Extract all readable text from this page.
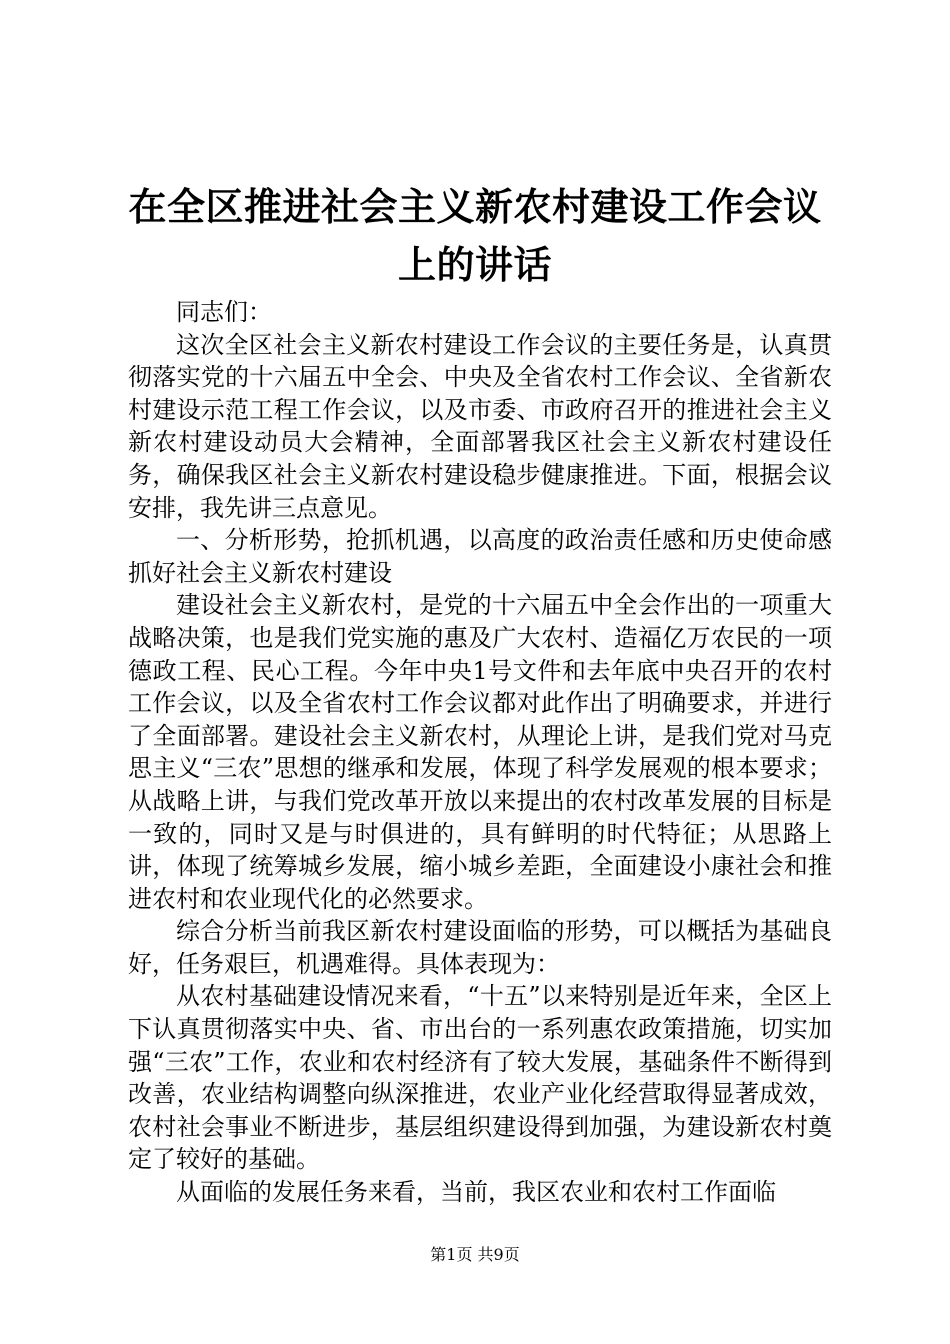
在全区推进社会主义新农村建设工作会议上的讲话

同志们：

这次全区社会主义新农村建设工作会议的主要任务是，认真贯彻落实党的十六届五中全会、中央及全省农村工作会议、全省新农村建设示范工程工作会议，以及市委、市政府召开的推进社会主义新农村建设动员大会精神，全面部署我区社会主义新农村建设任务，确保我区社会主义新农村建设稳步健康推进。下面，根据会议安排，我先讲三点意见。

一、分析形势，抢抓机遇，以高度的政治责任感和历史使命感抓好社会主义新农村建设

建设社会主义新农村，是党的十六届五中全会作出的一项重大战略决策，也是我们党实施的惠及广大农村、造福亿万农民的一项德政工程、民心工程。今年中央1号文件和去年底中央召开的农村工作会议，以及全省农村工作会议都对此作出了明确要求，并进行了全面部署。建设社会主义新农村，从理论上讲，是我们党对马克思主义“三农”思想的继承和发展，体现了科学发展观的根本要求；从战略上讲，与我们党改革开放以来提出的农村改革发展的目标是一致的，同时又是与时俱进的，具有鲜明的时代特征；从思路上讲，体现了统筹城乡发展，缩小城乡差距，全面建设小康社会和推进农村和农业现代化的必然要求。

综合分析当前我区新农村建设面临的形势，可以概括为基础良好，任务艰巨，机遇难得。具体表现为：

从农村基础建设情况来看，“十五”以来特别是近年来，全区上下认真贯彻落实中央、省、市出台的一系列惠农政策措施，切实加强“三农”工作，农业和农村经济有了较大发展，基础条件不断得到改善，农业结构调整向纵深推进，农业产业化经营取得显著成效，农村社会事业不断进步，基层组织建设得到加强，为建设新农村奠定了较好的基础。

从面临的发展任务来看，当前，我区农业和农村工作面临

第1页 共9页
